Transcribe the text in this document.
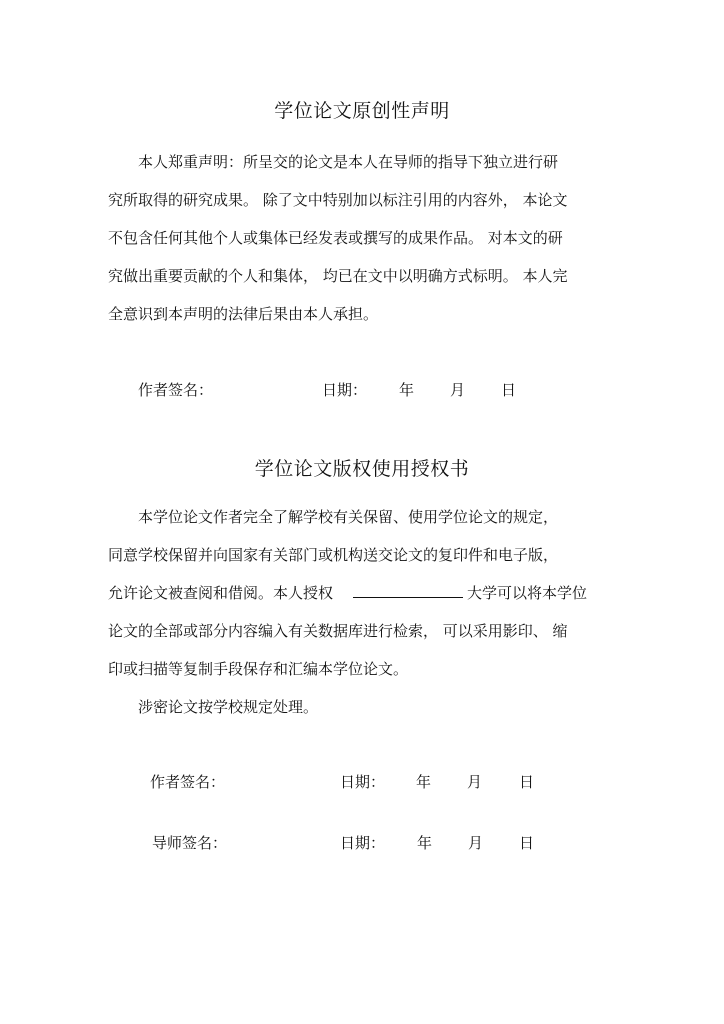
学位论文原创性声明
本人郑重声明：所呈交的论文是本人在导师的指导下独立进行研
究所取得的研究成果。 除了文中特别加以标注引用的内容外， 本论文
不包含任何其他个人或集体已经发表或撰写的成果作品。 对本文的研
究做出重要贡献的个人和集体， 均已在文中以明确方式标明。 本人完
全意识到本声明的法律后果由本人承担。
作者签名：	日期： 年 月 日
学位论文版权使用授权书
本学位论文作者完全了解学校有关保留、使用学位论文的规定，
同意学校保留并向国家有关部门或机构送交论文的复印件和电子版，
允许论文被查阅和借阅。本人授权	大学可以将本学位
论文的全部或部分内容编入有关数据库进行检索， 可以采用影印、 缩
印或扫描等复制手段保存和汇编本学位论文。
涉密论文按学校规定处理。
作者签名：	日期： 年 月 日
导师签名：	日期： 年 月 日
